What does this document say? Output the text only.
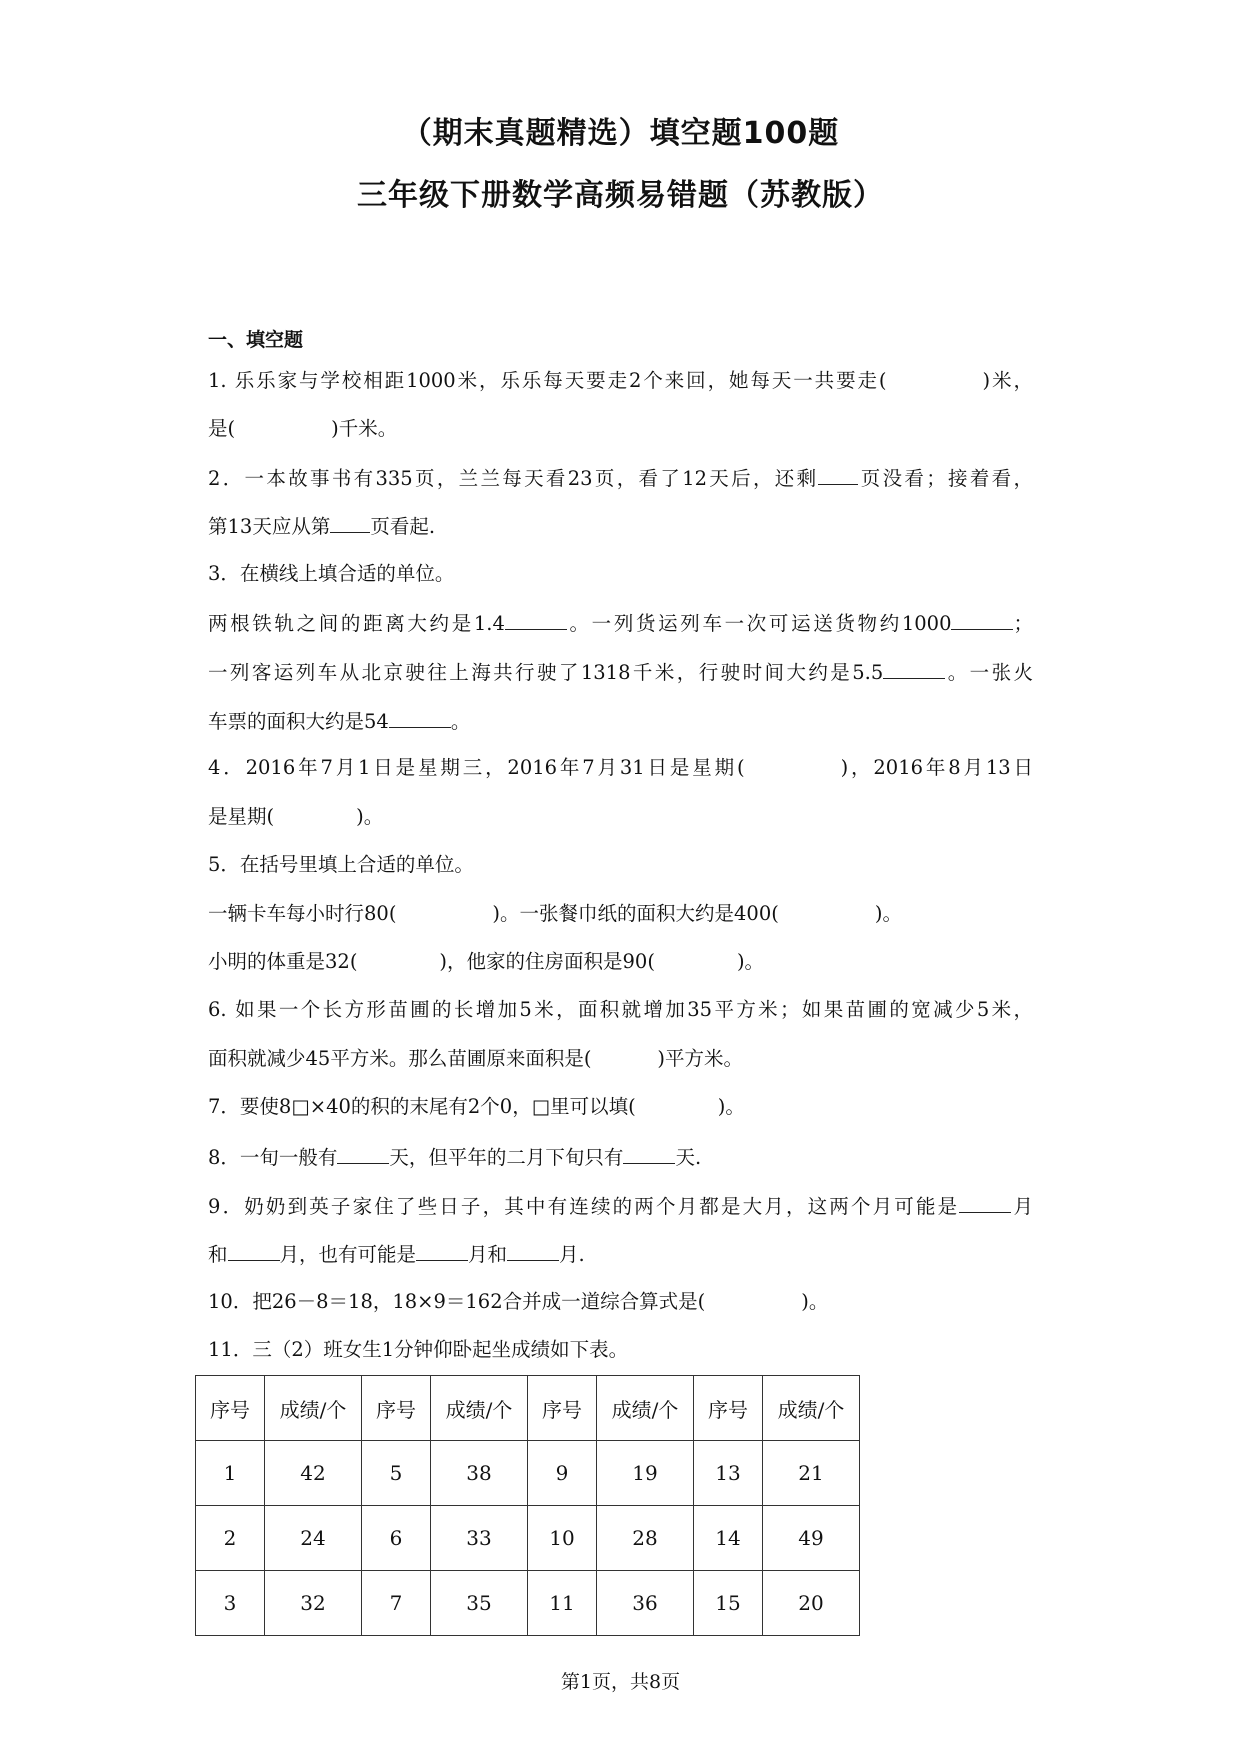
（期末真题精选）填空题100题
三年级下册数学高频易错题（苏教版）
一、填空题
1. 乐乐家与学校相距1000米，乐乐每天要走2个来回，她每天一共要走(	)米，
是(	)千米。
2．一本故事书有335页，兰兰每天看23页，看了12天后，还剩 页没看；接着看，
第13天应从第 页看起.
3．在横线上填合适的单位。
两根铁轨之间的距离大约是1.4	。一列货运列车一次可运送货物约1000	；
一列客运列车从北京驶往上海共行驶了1318千米，行驶时间大约是5.5	。一张火
车票的面积大约是54	。
4．2016年7月1日是星期三，2016年7月31日是星期(	)，2016年8月13日
是星期(	)。
5．在括号里填上合适的单位。
一辆卡车每小时行80(	)。一张餐巾纸的面积大约是400(	)。
小明的体重是32(	)，他家的住房面积是90(	)。
6. 如果一个长方形苗圃的长增加5米，面积就增加35平方米；如果苗圃的宽减少5米，
面积就减少45平方米。那么苗圃原来面积是(	)平方米。
7．要使8□×40的积的末尾有2个0，□里可以填(	)。
8．一旬一般有	天，但平年的二月下旬只有	天.
9．奶奶到英子家住了些日子，其中有连续的两个月都是大月，这两个月可能是	月
和	月，也有可能是	月和	月.
10．把26－8＝18，18×9＝162合并成一道综合算式是(	)。
11．三（2）班女生1分钟仰卧起坐成绩如下表。
序号	成绩/个	序号	成绩/个	序号	成绩/个	序号	成绩/个
1	42	5	38	9	19	13	21
2	24	6	33	10	28	14	49
3	32	7	35	11	36	15	20
第1页，共8页
